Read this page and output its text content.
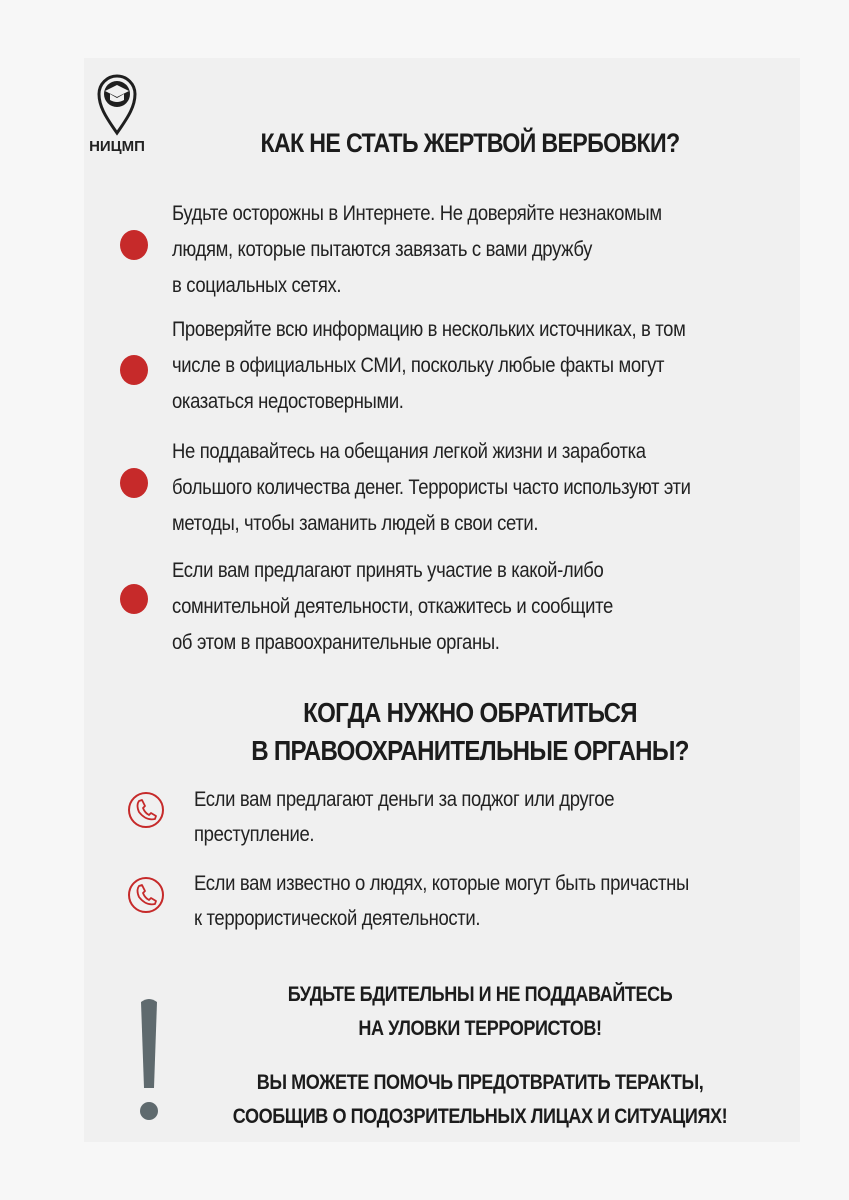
НИЦМП	КАК НЕ СТАТЬ ЖЕРТВОЙ ВЕРБОВКИ?
Будьте осторожны в Интернете. Не доверяйте незнакомым
людям, которые пытаются завязать с вами дружбу
в социальных сетях.
Проверяйте всю информацию в нескольких источниках, в том
числе в официальных СМИ, поскольку любые факты могут
оказаться недостоверными.
Не поддавайтесь на обещания легкой жизни и заработка
большого количества денег. Террористы часто используют эти
методы, чтобы заманить людей в свои сети.
Если вам предлагают принять участие в какой-либо
сомнительной деятельности, откажитесь и сообщите
об этом в правоохранительные органы.
КОГДА НУЖНО ОБРАТИТЬСЯ
В ПРАВООХРАНИТЕЛЬНЫЕ ОРГАНЫ?
Если вам предлагают деньги за поджог или другое
преступление.
Если вам известно о людях, которые могут быть причастны
к террористической деятельности.
БУДЬТЕ БДИТЕЛЬНЫ И НЕ ПОДДАВАЙТЕСЬ
НА УЛОВКИ ТЕРРОРИСТОВ!
ВЫ МОЖЕТЕ ПОМОЧЬ ПРЕДОТВРАТИТЬ ТЕРАКТЫ,
СООБЩИВ О ПОДОЗРИТЕЛЬНЫХ ЛИЦАХ И СИТУАЦИЯХ!
